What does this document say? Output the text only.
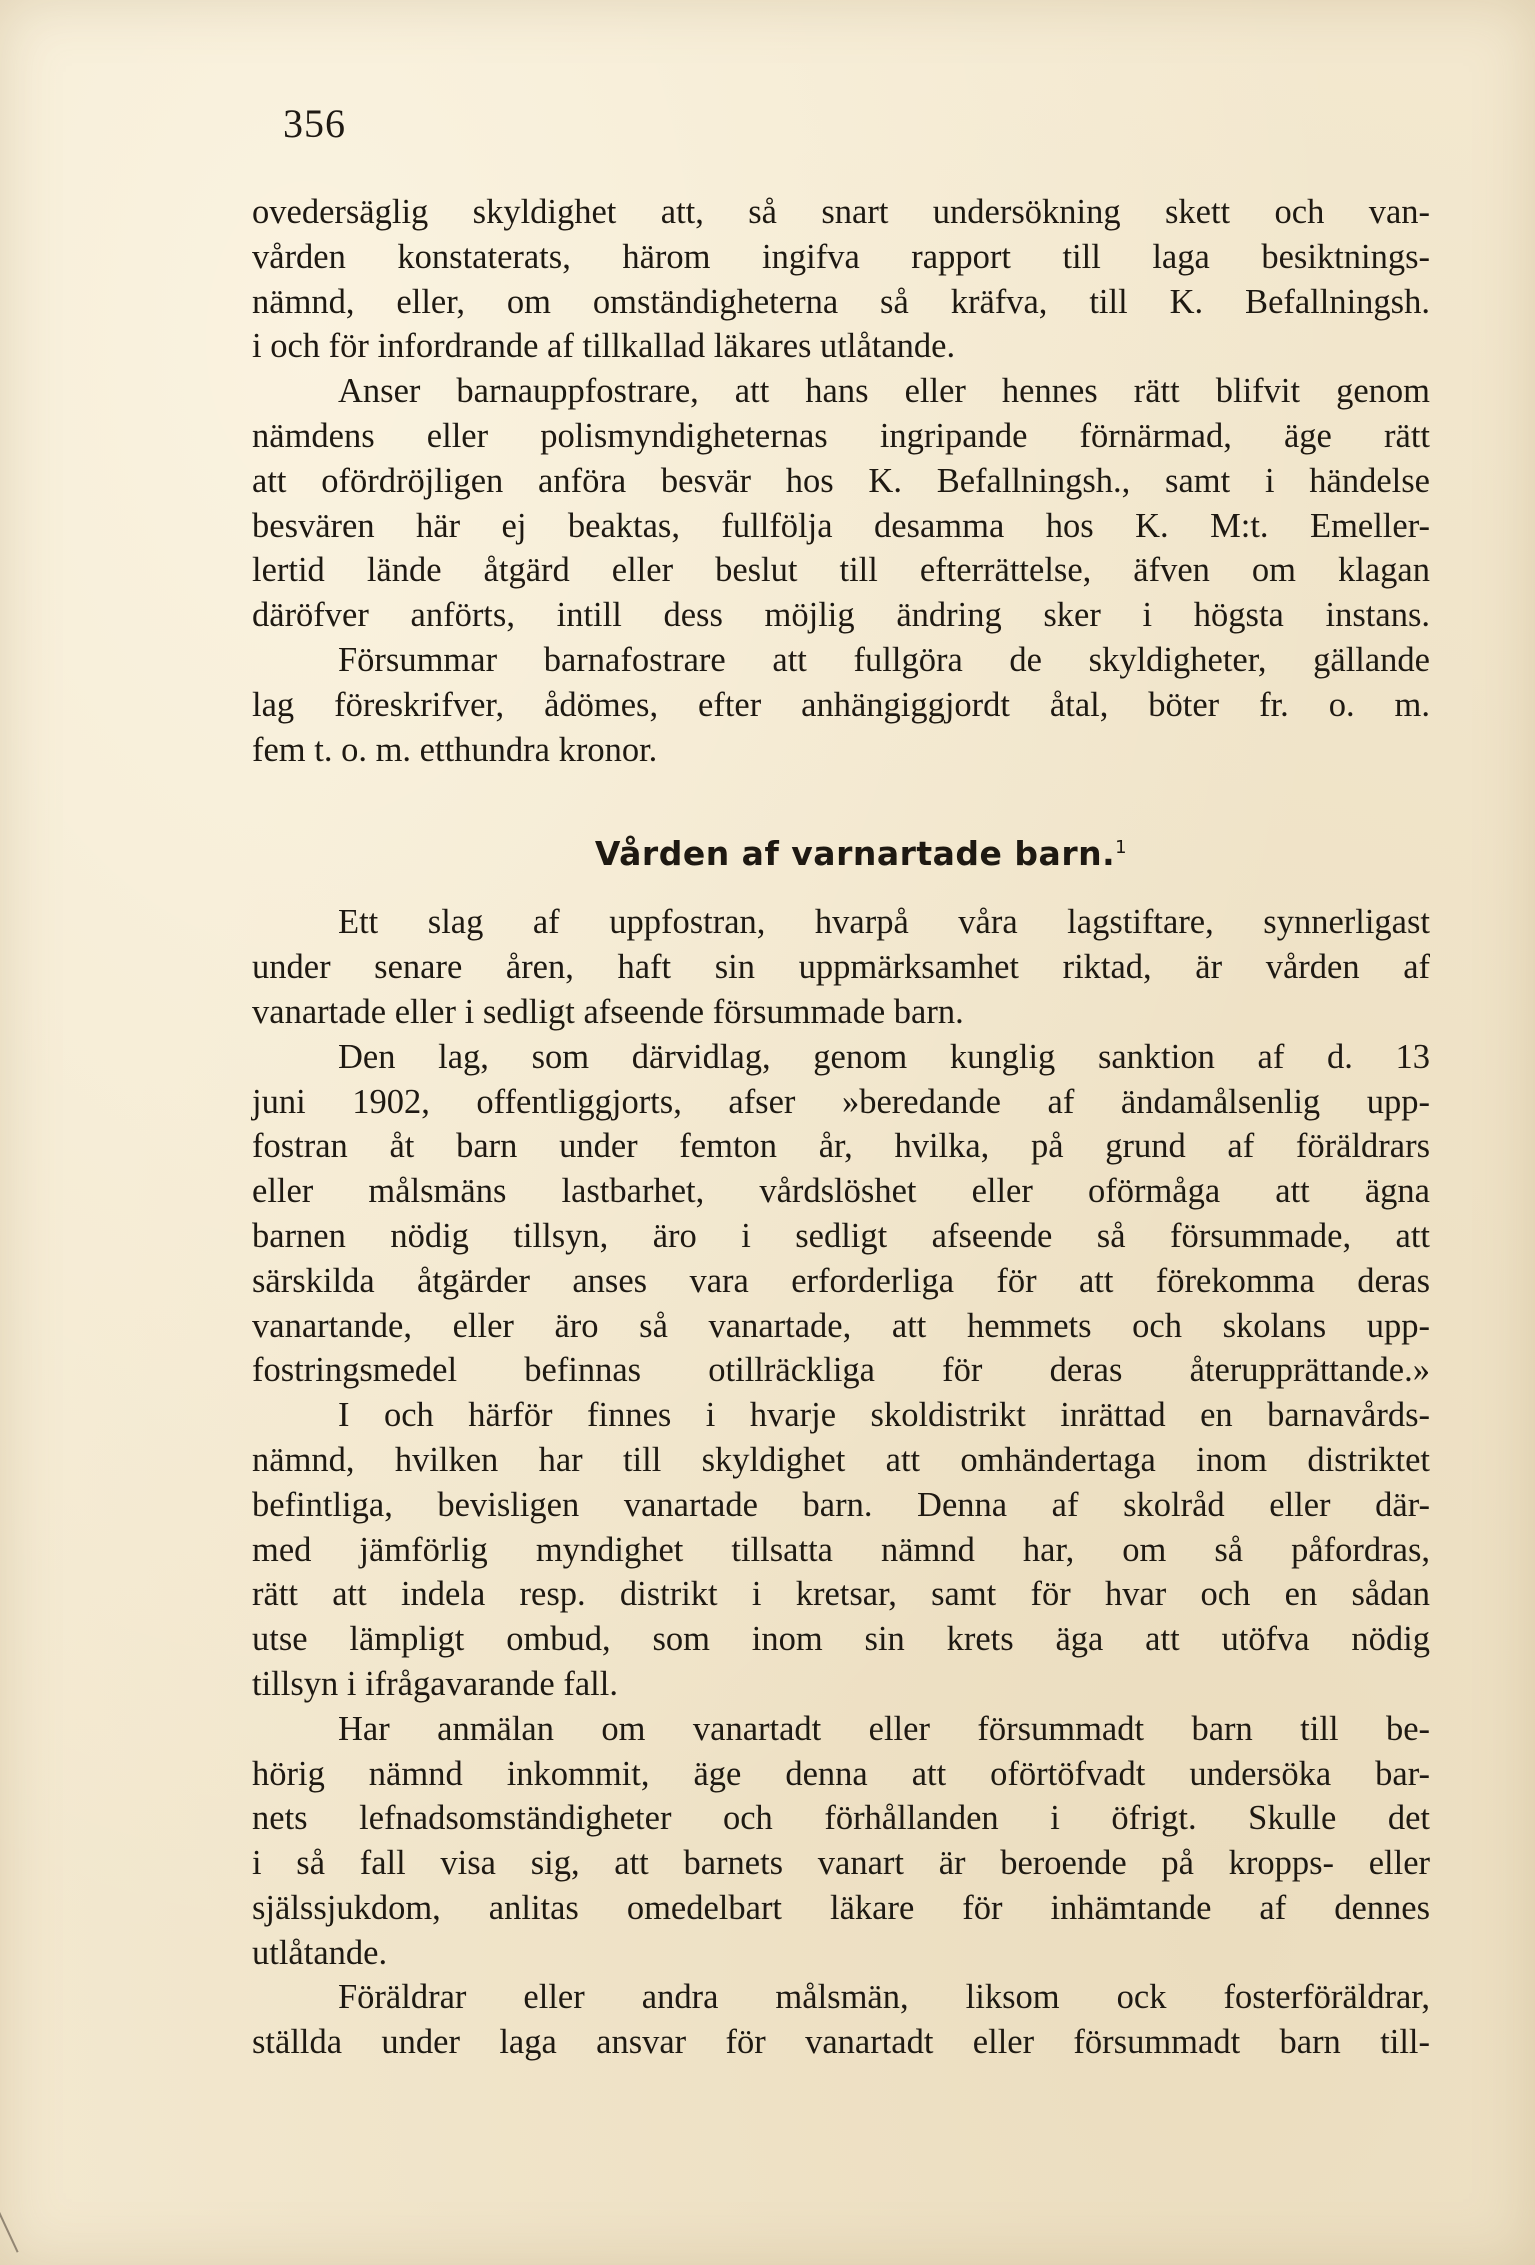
356
ovedersäglig skyldighet att, så snart undersökning skett och van-
vården konstaterats, härom ingifva rapport till laga besiktnings-
nämnd, eller, om omständigheterna så kräfva, till K. Befallningsh.
i och för infordrande af tillkallad läkares utlåtande.
Anser barnauppfostrare, att hans eller hennes rätt blifvit genom
nämdens eller polismyndigheternas ingripande förnärmad, äge rätt
att ofördröjligen anföra besvär hos K. Befallningsh., samt i händelse
besvären här ej beaktas, fullfölja desamma hos K. M:t. Emeller-
lertid lände åtgärd eller beslut till efterrättelse, äfven om klagan
däröfver anförts, intill dess möjlig ändring sker i högsta instans.
Försummar barnafostrare att fullgöra de skyldigheter, gällande
lag föreskrifver, ådömes, efter anhängiggjordt åtal, böter fr. o. m.
fem t. o. m. etthundra kronor.
Vården af varnartade barn.$^1$
Ett slag af uppfostran, hvarpå våra lagstiftare, synnerligast
under senare åren, haft sin uppmärksamhet riktad, är vården af
vanartade eller i sedligt afseende försummade barn.
Den lag, som därvidlag, genom kunglig sanktion af d. 13
juni 1902, offentliggjorts, afser »beredande af ändamålsenlig upp-
fostran åt barn under femton år, hvilka, på grund af föräldrars
eller målsmäns lastbarhet, vårdslöshet eller oförmåga att ägna
barnen nödig tillsyn, äro i sedligt afseende så försummade, att
särskilda åtgärder anses vara erforderliga för att förekomma deras
vanartande, eller äro så vanartade, att hemmets och skolans upp-
fostringsmedel befinnas otillräckliga för deras återupprättande.»
I och härför finnes i hvarje skoldistrikt inrättad en barnavårds-
nämnd, hvilken har till skyldighet att omhändertaga inom distriktet
befintliga, bevisligen vanartade barn. Denna af skolråd eller där-
med jämförlig myndighet tillsatta nämnd har, om så påfordras,
rätt att indela resp. distrikt i kretsar, samt för hvar och en sådan
utse lämpligt ombud, som inom sin krets äga att utöfva nödig
tillsyn i ifrågavarande fall.
Har anmälan om vanartadt eller försummadt barn till be-
hörig nämnd inkommit, äge denna att oförtöfvadt undersöka bar-
nets lefnadsomständigheter och förhållanden i öfrigt. Skulle det
i så fall visa sig, att barnets vanart är beroende på kropps- eller
själssjukdom, anlitas omedelbart läkare för inhämtande af dennes
utlåtande.
Föräldrar eller andra målsmän, liksom ock fosterföräldrar,
ställda under laga ansvar för vanartadt eller försummadt barn till-
